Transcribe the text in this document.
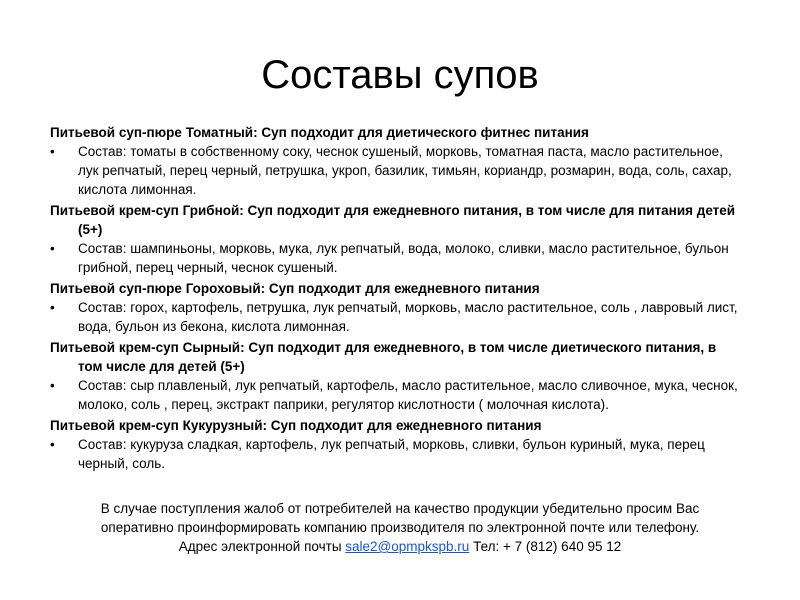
Составы супов

Питьевой суп-пюре Томатный: Суп подходит для диетического фитнес питания

•	Состав: томаты в собственному соку, чеснок сушеный, морковь, томатная паста, масло растительное, лук репчатый, перец черный, петрушка, укроп, базилик, тимьян, кориандр, розмарин, вода, соль, сахар, кислота лимонная.

Питьевой крем-суп Грибной: Суп подходит для ежедневного питания, в том числе для питания детей (5+)

•	Состав: шампиньоны, морковь, мука, лук репчатый, вода, молоко, сливки, масло растительное, бульон грибной, перец черный, чеснок сушеный.

Питьевой суп-пюре Гороховый: Суп подходит для ежедневного питания

•	Состав: горох, картофель, петрушка, лук репчатый, морковь, масло растительное, соль , лавровый лист, вода, бульон из бекона, кислота лимонная.

Питьевой крем-суп Сырный: Суп подходит для ежедневного, в том числе диетического питания, в том числе для детей (5+)

•	Состав: сыр плавленый, лук репчатый, картофель, масло растительное, масло сливочное, мука, чеснок, молоко, соль , перец, экстракт паприки, регулятор кислотности ( молочная кислота).

Питьевой крем-суп Кукурузный: Суп подходит для ежедневного питания

•	Состав: кукуруза сладкая, картофель, лук репчатый, морковь, сливки, бульон куриный, мука, перец черный, соль.

В случае поступления жалоб от потребителей на качество продукции убедительно просим Вас

оперативно проинформировать компанию производителя по электронной почте или телефону.

Адрес электронной почты sale2@opmpkspb.ru Тел: + 7 (812) 640 95 12
